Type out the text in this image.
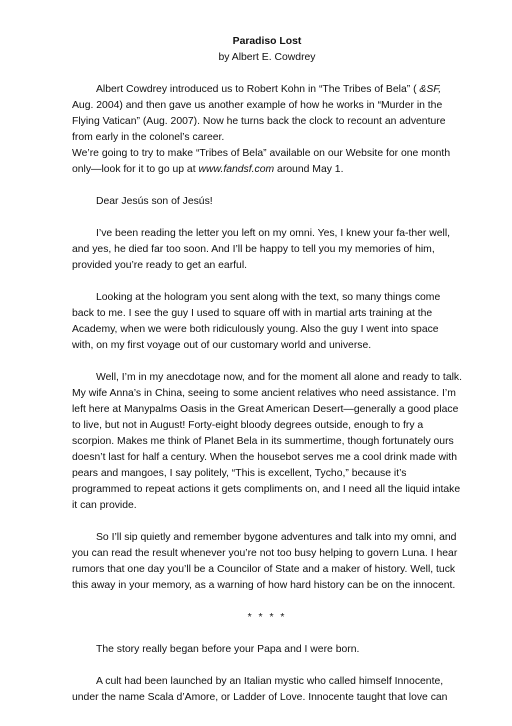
Paradiso Lost

by Albert E. Cowdrey

Albert Cowdrey introduced us to Robert Kohn in “The Tribes of Bela” ( &SF, Aug. 2004) and then gave us another example of how he works in “Murder in the Flying Vatican” (Aug. 2007). Now he turns back the clock to recount an adventure from early in the colonel’s career.

We’re going to try to make “Tribes of Bela” available on our Website for one month only—look for it to go up at www.fandsf.com around May 1.

Dear Jesús son of Jesús!

I’ve been reading the letter you left on my omni. Yes, I knew your fa-ther well, and yes, he died far too soon. And I’ll be happy to tell you my memories of him, provided you’re ready to get an earful.

Looking at the hologram you sent along with the text, so many things come back to me. I see the guy I used to square off with in martial arts training at the Academy, when we were both ridiculously young. Also the guy I went into space with, on my first voyage out of our customary world and universe.

Well, I’m in my anecdotage now, and for the moment all alone and ready to talk. My wife Anna’s in China, seeing to some ancient relatives who need assistance. I’m left here at Manypalms Oasis in the Great American Desert—generally a good place to live, but not in August! Forty-eight bloody degrees outside, enough to fry a scorpion. Makes me think of Planet Bela in its summertime, though fortunately ours doesn’t last for half a century. When the housebot serves me a cool drink made with pears and mangoes, I say politely, “This is excellent, Tycho,” because it’s programmed to repeat actions it gets compliments on, and I need all the liquid intake it can provide.

So I’ll sip quietly and remember bygone adventures and talk into my omni, and you can read the result whenever you’re not too busy helping to govern Luna. I hear rumors that one day you’ll be a Councilor of State and a maker of history. Well, tuck this away in your memory, as a warning of how hard history can be on the innocent.

* * * *

The story really began before your Papa and I were born.

A cult had been launched by an Italian mystic who called himself Innocente, under the name Scala d’Amore, or Ladder of Love. Innocente taught that love can
